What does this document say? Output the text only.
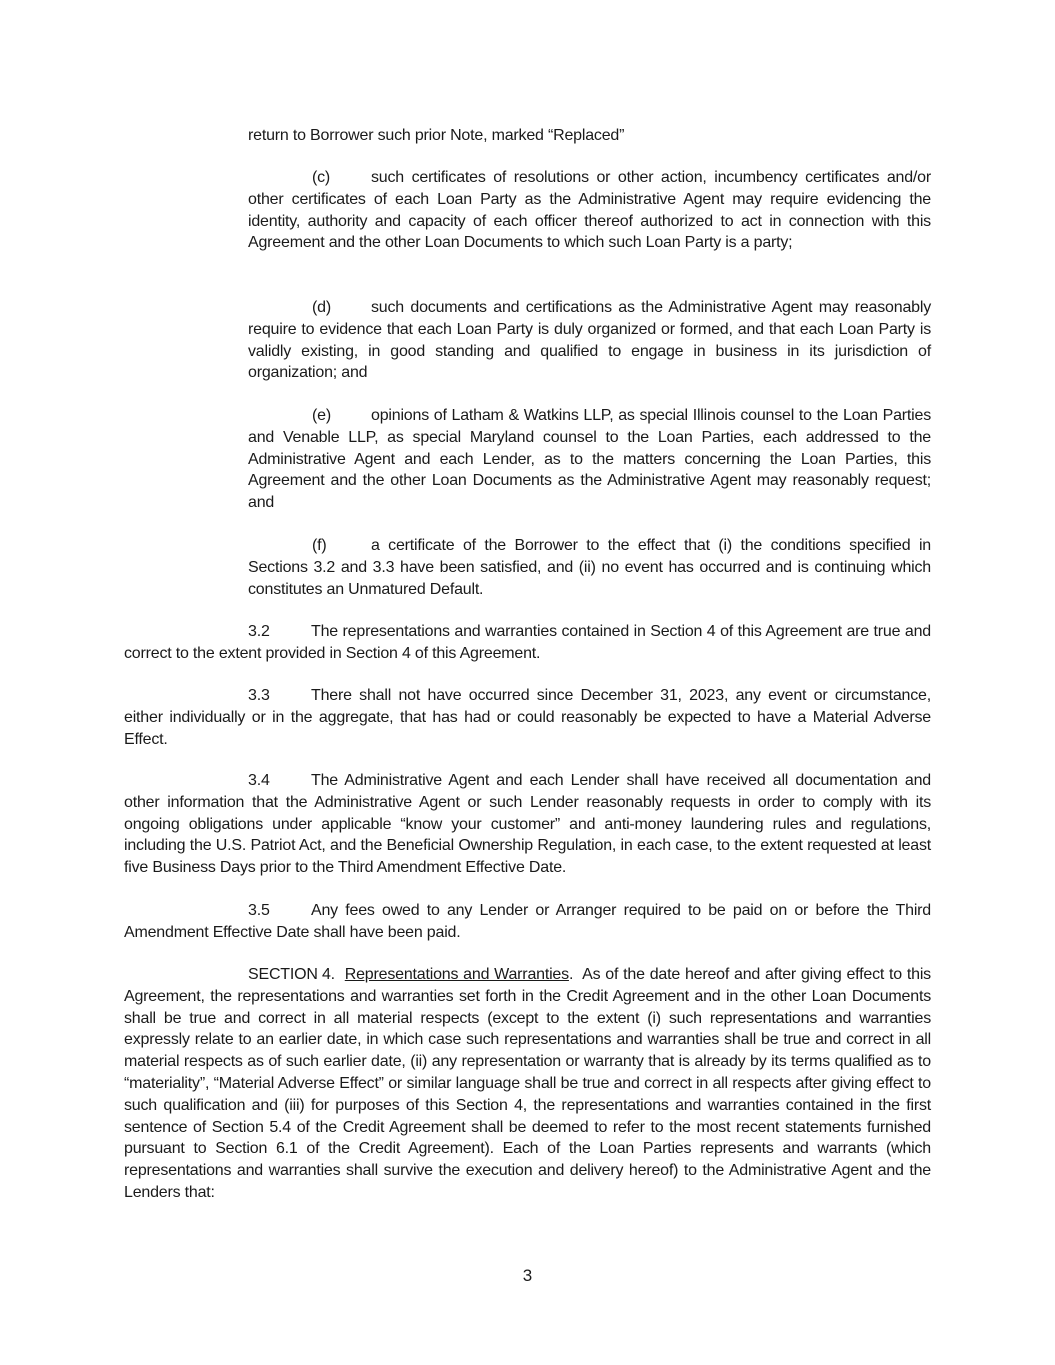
return to Borrower such prior Note, marked “Replaced”

(c)	such certificates of resolutions or other action, incumbency certificates and/or other certificates of each Loan Party as the Administrative Agent may require evidencing the identity, authority and capacity of each officer thereof authorized to act in connection with this Agreement and the other Loan Documents to which such Loan Party is a party;

(d)	such documents and certifications as the Administrative Agent may reasonably require to evidence that each Loan Party is duly organized or formed, and that each Loan Party is validly existing, in good standing and qualified to engage in business in its jurisdiction of organization; and

(e)	opinions of Latham & Watkins LLP, as special Illinois counsel to the Loan Parties and Venable LLP, as special Maryland counsel to the Loan Parties, each addressed to the Administrative Agent and each Lender, as to the matters concerning the Loan Parties, this Agreement and the other Loan Documents as the Administrative Agent may reasonably request; and

(f)	a certificate of the Borrower to the effect that (i) the conditions specified in Sections 3.2 and 3.3 have been satisfied, and (ii) no event has occurred and is continuing which constitutes an Unmatured Default.

3.2	The representations and warranties contained in Section 4 of this Agreement are true and correct to the extent provided in Section 4 of this Agreement.

3.3	There shall not have occurred since December 31, 2023, any event or circumstance, either individually or in the aggregate, that has had or could reasonably be expected to have a Material Adverse Effect.

3.4	The Administrative Agent and each Lender shall have received all documentation and other information that the Administrative Agent or such Lender reasonably requests in order to comply with its ongoing obligations under applicable “know your customer” and anti-money laundering rules and regulations, including the U.S. Patriot Act, and the Beneficial Ownership Regulation, in each case, to the extent requested at least five Business Days prior to the Third Amendment Effective Date.

3.5	Any fees owed to any Lender or Arranger required to be paid on or before the Third Amendment Effective Date shall have been paid.

SECTION 4. Representations and Warranties. As of the date hereof and after giving effect to this Agreement, the representations and warranties set forth in the Credit Agreement and in the other Loan Documents shall be true and correct in all material respects (except to the extent (i) such representations and warranties expressly relate to an earlier date, in which case such representations and warranties shall be true and correct in all material respects as of such earlier date, (ii) any representation or warranty that is already by its terms qualified as to “materiality”, “Material Adverse Effect” or similar language shall be true and correct in all respects after giving effect to such qualification and (iii) for purposes of this Section 4, the representations and warranties contained in the first sentence of Section 5.4 of the Credit Agreement shall be deemed to refer to the most recent statements furnished pursuant to Section 6.1 of the Credit Agreement). Each of the Loan Parties represents and warrants (which representations and warranties shall survive the execution and delivery hereof) to the Administrative Agent and the Lenders that:

3
